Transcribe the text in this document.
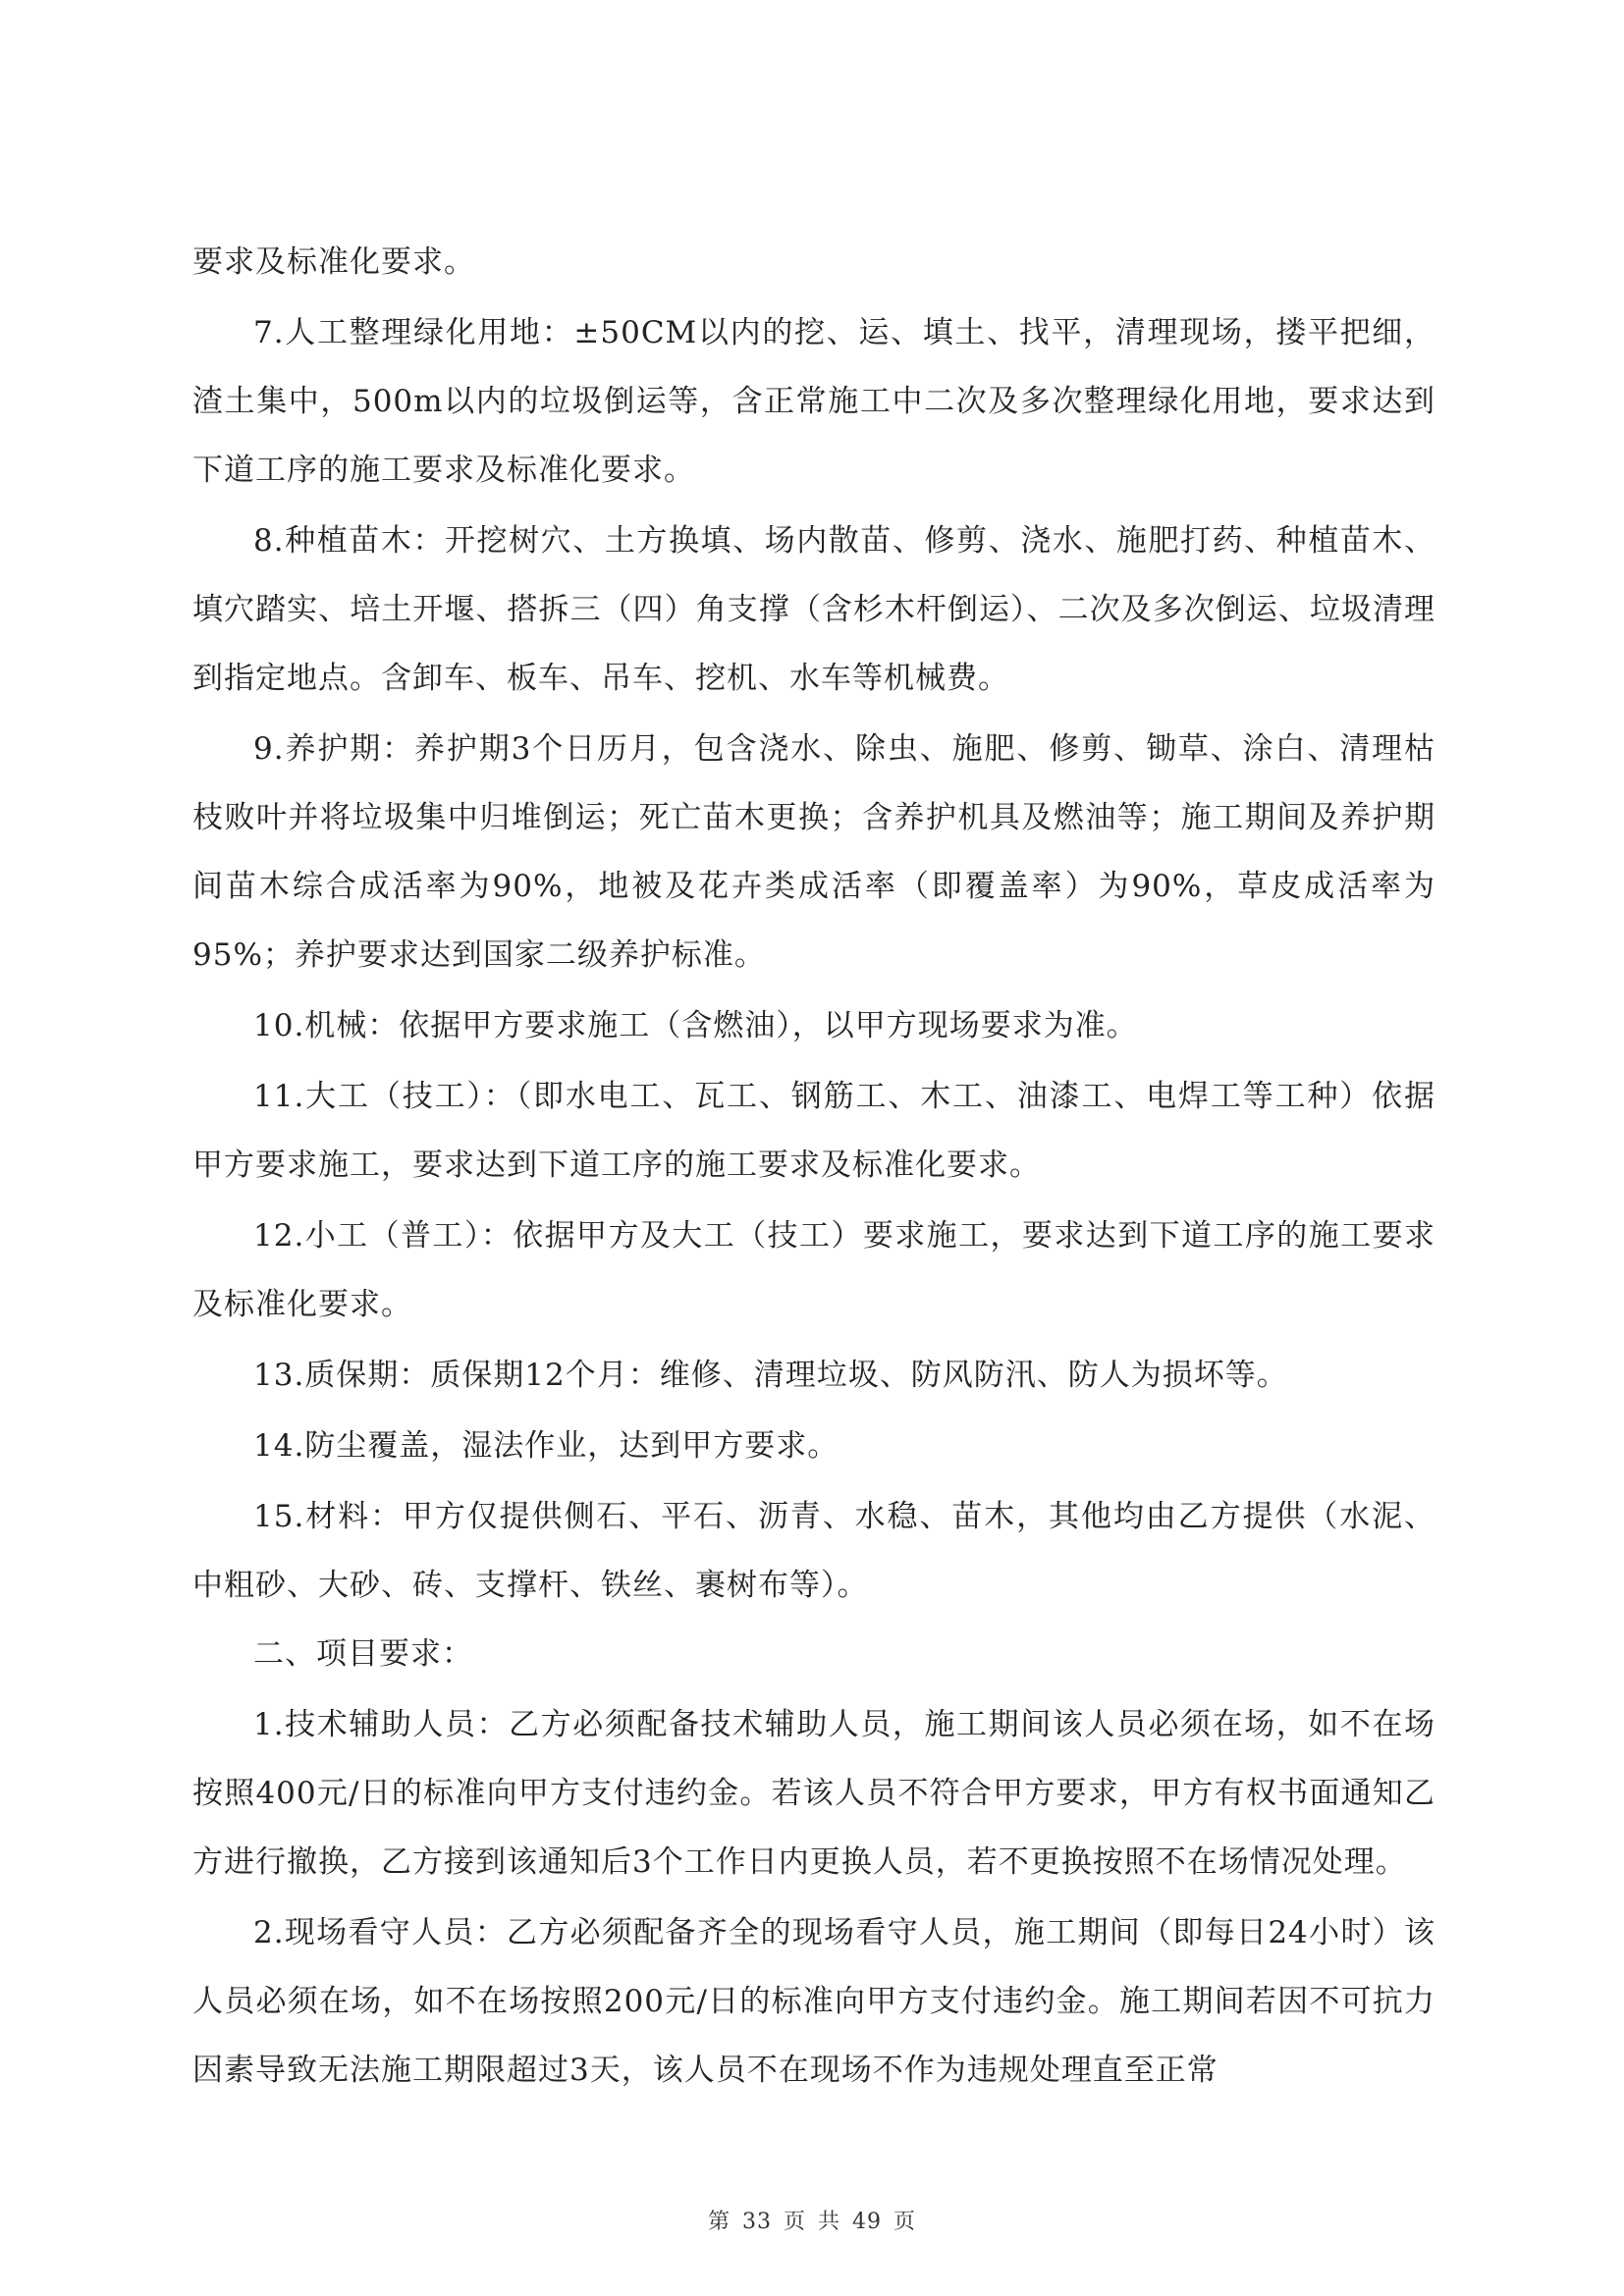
要求及标准化要求。

7.人工整理绿化用地：±50CM以内的挖、运、填土、找平，清理现场，搂平把细，渣土集中，500m以内的垃圾倒运等，含正常施工中二次及多次整理绿化用地，要求达到下道工序的施工要求及标准化要求。

8.种植苗木：开挖树穴、土方换填、场内散苗、修剪、浇水、施肥打药、种植苗木、填穴踏实、培土开堰、搭拆三（四）角支撑（含杉木杆倒运）、二次及多次倒运、垃圾清理到指定地点。含卸车、板车、吊车、挖机、水车等机械费。

9.养护期：养护期3个日历月，包含浇水、除虫、施肥、修剪、锄草、涂白、清理枯枝败叶并将垃圾集中归堆倒运；死亡苗木更换；含养护机具及燃油等；施工期间及养护期间苗木综合成活率为90%，地被及花卉类成活率（即覆盖率）为90%，草皮成活率为95%；养护要求达到国家二级养护标准。

10.机械：依据甲方要求施工（含燃油），以甲方现场要求为准。

11.大工（技工）：（即水电工、瓦工、钢筋工、木工、油漆工、电焊工等工种）依据甲方要求施工，要求达到下道工序的施工要求及标准化要求。

12.小工（普工）：依据甲方及大工（技工）要求施工，要求达到下道工序的施工要求及标准化要求。

13.质保期：质保期12个月：维修、清理垃圾、防风防汛、防人为损坏等。

14.防尘覆盖，湿法作业，达到甲方要求。

15.材料：甲方仅提供侧石、平石、沥青、水稳、苗木，其他均由乙方提供（水泥、中粗砂、大砂、砖、支撑杆、铁丝、裹树布等）。

二、项目要求：

1.技术辅助人员：乙方必须配备技术辅助人员，施工期间该人员必须在场，如不在场按照400元/日的标准向甲方支付违约金。若该人员不符合甲方要求，甲方有权书面通知乙方进行撤换，乙方接到该通知后3个工作日内更换人员，若不更换按照不在场情况处理。

2.现场看守人员：乙方必须配备齐全的现场看守人员，施工期间（即每日24小时）该人员必须在场，如不在场按照200元/日的标准向甲方支付违约金。施工期间若因不可抗力因素导致无法施工期限超过3天，该人员不在现场不作为违规处理直至正常

第 33 页 共 49 页
